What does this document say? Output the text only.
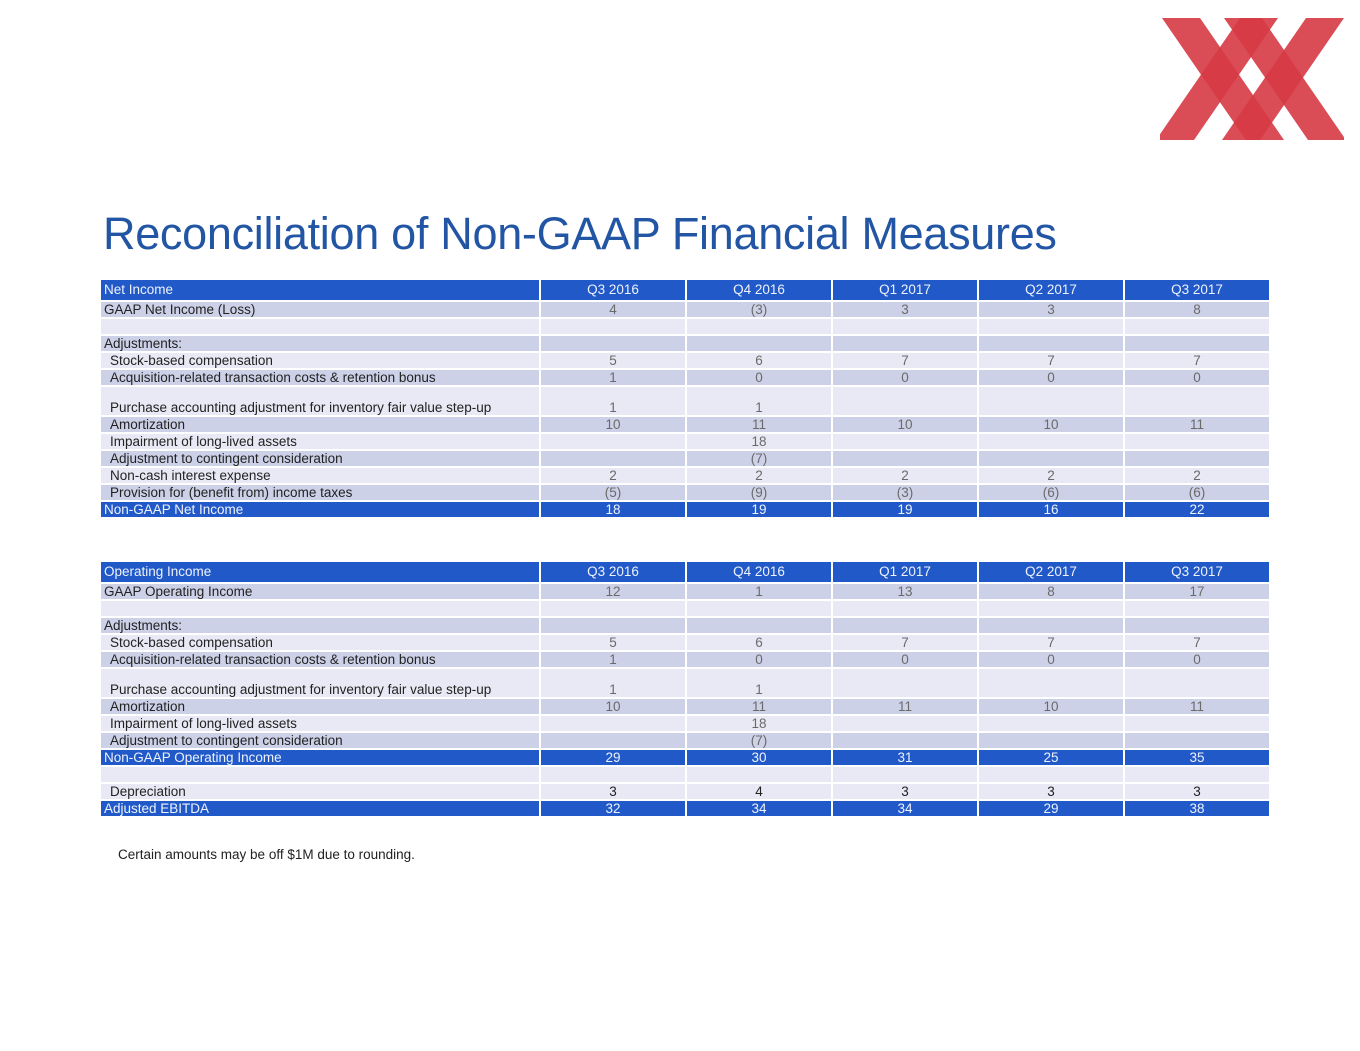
Reconciliation of Non-GAAP Financial Measures
Net Income	Q3 2016	Q4 2016	Q1 2017	Q2 2017	Q3 2017
GAAP Net Income (Loss)	4	(3)	3	3	8

Adjustments:					
Stock-based compensation	5	6	7	7	7
Acquisition-related transaction costs & retention bonus	1	0	0	0	0
Purchase accounting adjustment for inventory fair value step-up	1	1			
Amortization	10	11	10	10	11
Impairment of long-lived assets		18			
Adjustment to contingent consideration		(7)			
Non-cash interest expense	2	2	2	2	2
Provision for (benefit from) income taxes	(5)	(9)	(3)	(6)	(6)
Non-GAAP Net Income	18	19	19	16	22
Operating Income	Q3 2016	Q4 2016	Q1 2017	Q2 2017	Q3 2017
GAAP Operating Income	12	1	13	8	17

Adjustments:					
Stock-based compensation	5	6	7	7	7
Acquisition-related transaction costs & retention bonus	1	0	0	0	0
Purchase accounting adjustment for inventory fair value step-up	1	1			
Amortization	10	11	11	10	11
Impairment of long-lived assets		18			
Adjustment to contingent consideration		(7)			
Non-GAAP Operating Income	29	30	31	25	35

Depreciation	3	4	3	3	3
Adjusted EBITDA	32	34	34	29	38
Certain amounts may be off $1M due to rounding.
